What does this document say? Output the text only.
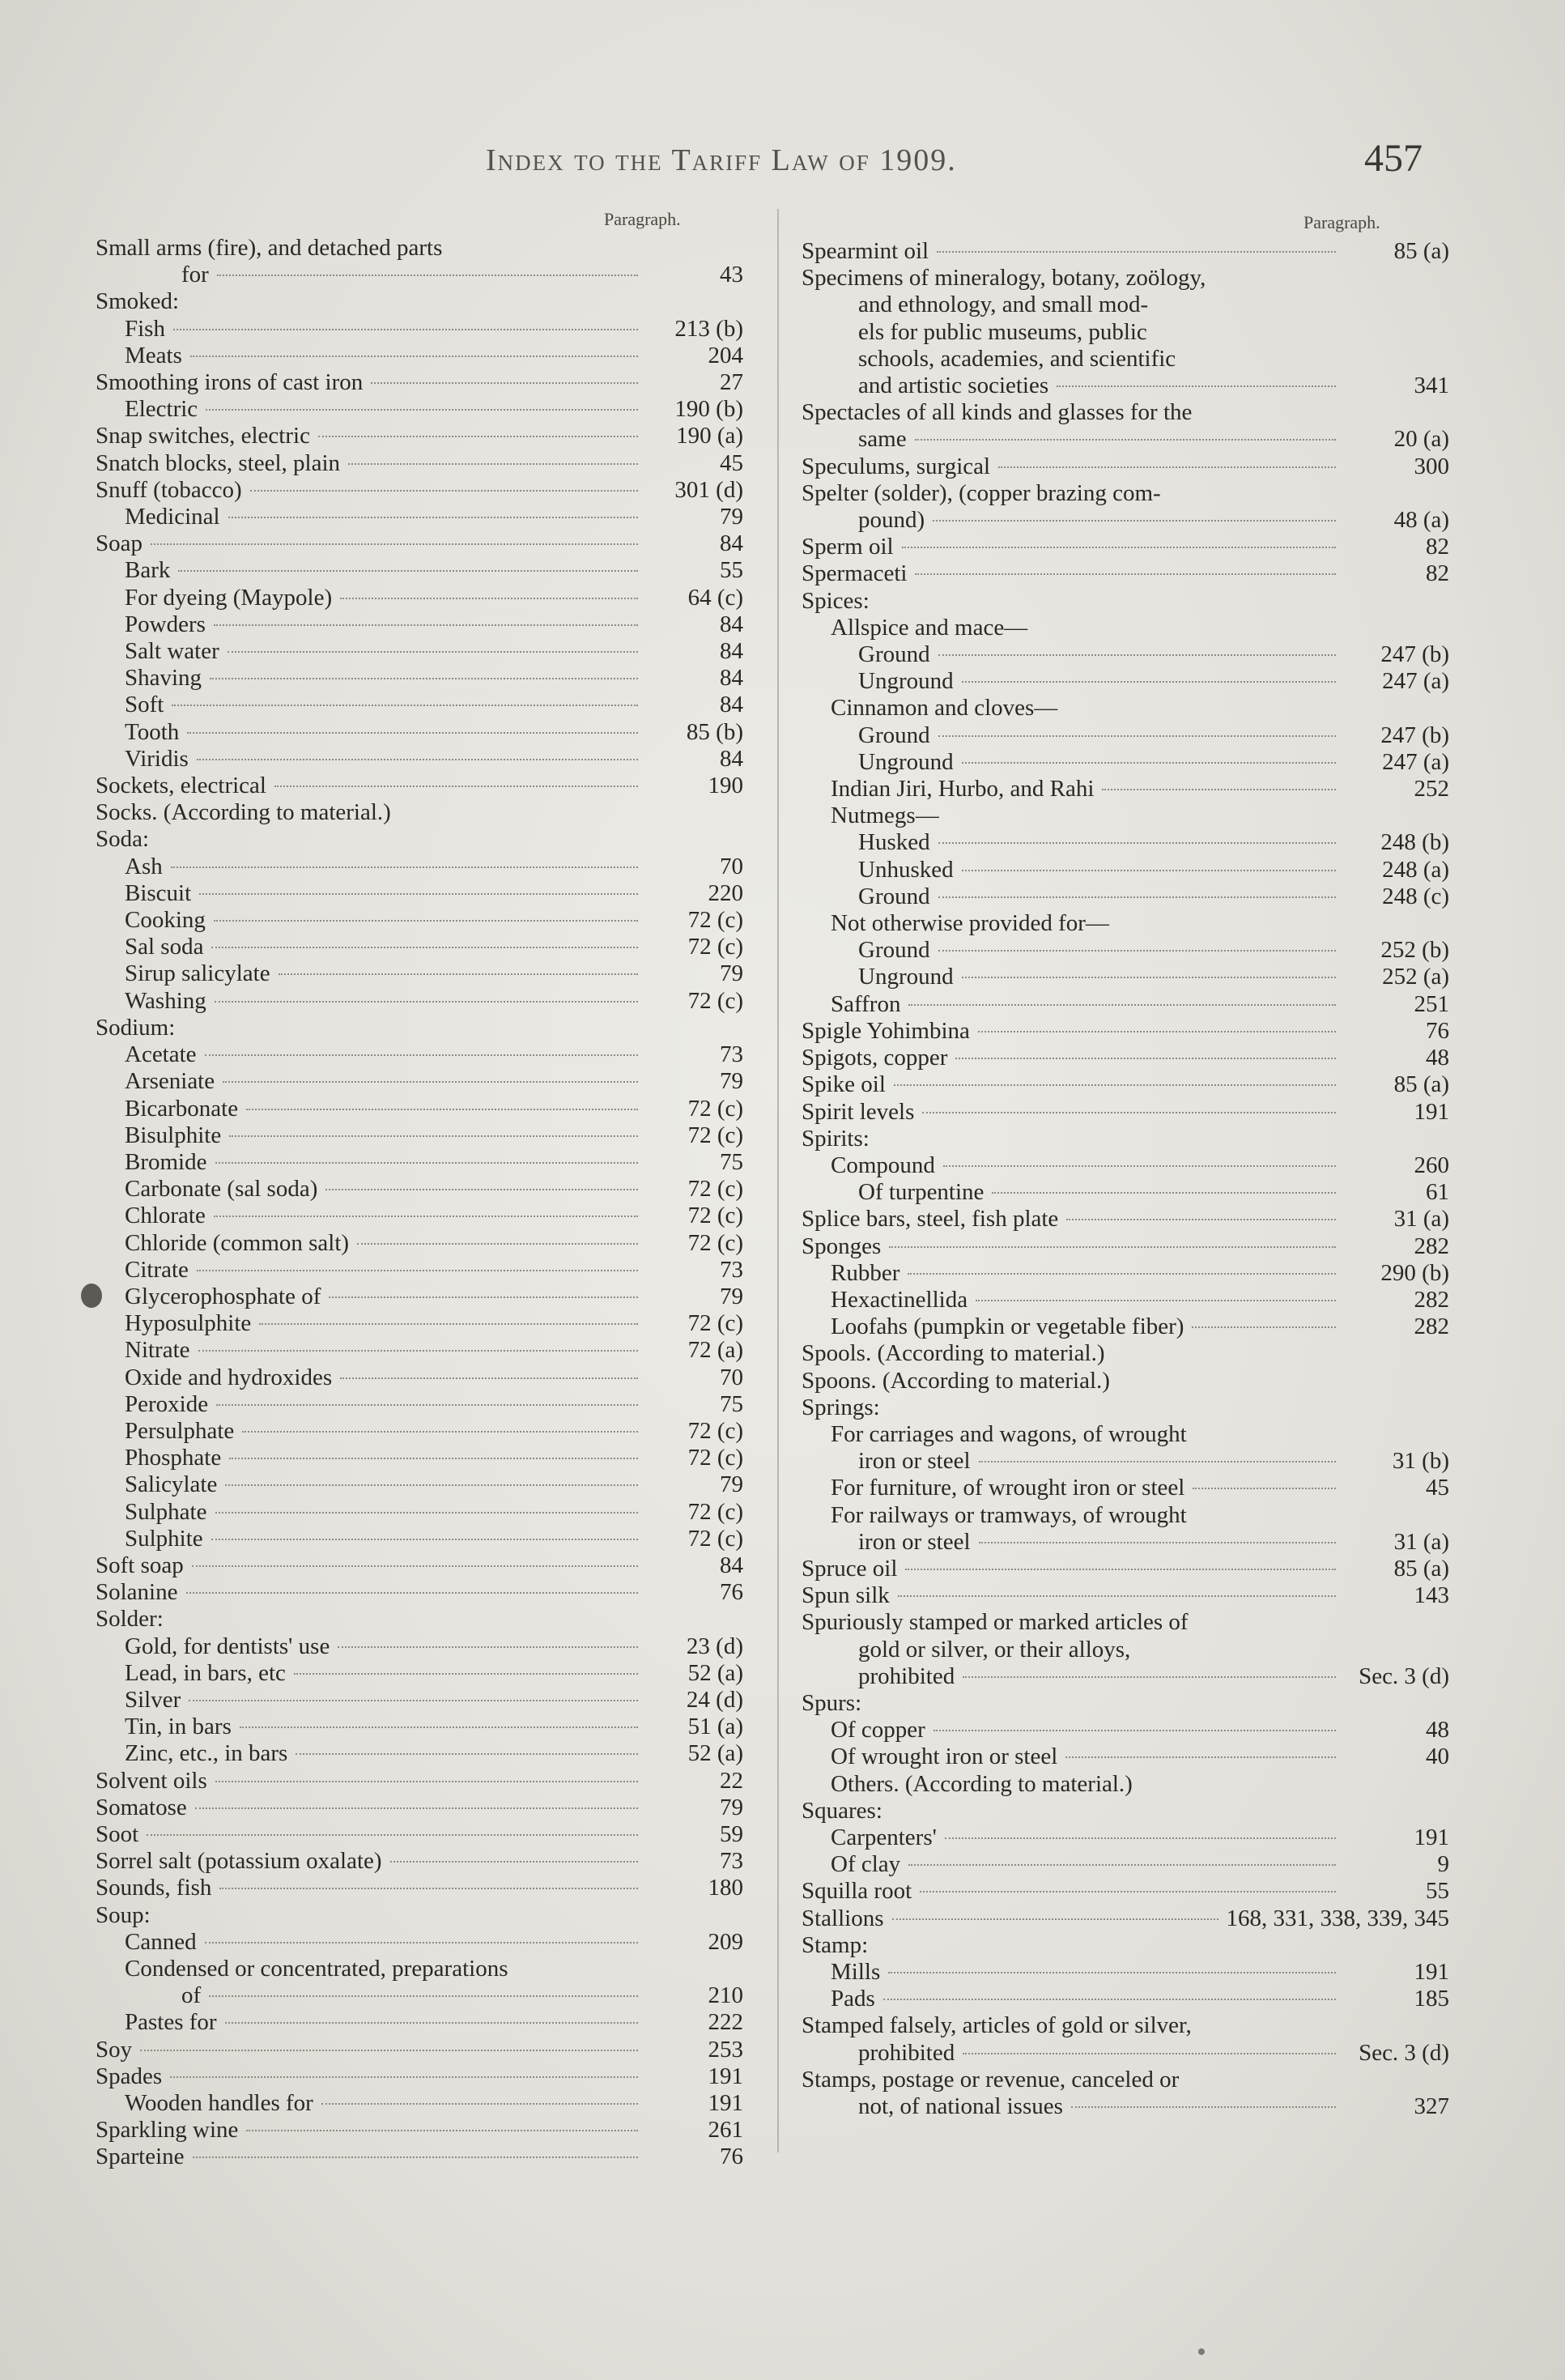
Index to the Tariff Law of 1909.	457
Paragraph.
Small arms (fire), and detached parts
for	43
Smoked:
Fish	213 (b)
Meats	204
Smoothing irons of cast iron	27
Electric	190 (b)
Snap switches, electric	190 (a)
Snatch blocks, steel, plain	45
Snuff (tobacco)	301 (d)
Medicinal	79
Soap	84
Bark	55
For dyeing (Maypole)	64 (c)
Powders	84
Salt water	84
Shaving	84
Soft	84
Tooth	85 (b)
Viridis	84
Sockets, electrical	190
Socks. (According to material.)
Soda:
Ash	70
Biscuit	220
Cooking	72 (c)
Sal soda	72 (c)
Sirup salicylate	79
Washing	72 (c)
Sodium:
Acetate	73
Arseniate	79
Bicarbonate	72 (c)
Bisulphite	72 (c)
Bromide	75
Carbonate (sal soda)	72 (c)
Chlorate	72 (c)
Chloride (common salt)	72 (c)
Citrate	73
Glycerophosphate of	79
Hyposulphite	72 (c)
Nitrate	72 (a)
Oxide and hydroxides	70
Peroxide	75
Persulphate	72 (c)
Phosphate	72 (c)
Salicylate	79
Sulphate	72 (c)
Sulphite	72 (c)
Soft soap	84
Solanine	76
Solder:
Gold, for dentists' use	23 (d)
Lead, in bars, etc	52 (a)
Silver	24 (d)
Tin, in bars	51 (a)
Zinc, etc., in bars	52 (a)
Solvent oils	22
Somatose	79
Soot	59
Sorrel salt (potassium oxalate)	73
Sounds, fish	180
Soup:
Canned	209
Condensed or concentrated, preparations
of	210
Pastes for	222
Soy	253
Spades	191
Wooden handles for	191
Sparkling wine	261
Sparteine	76
Paragraph.
Spearmint oil	85 (a)
Specimens of mineralogy, botany, zoölogy,
and ethnology, and small mod-
els for public museums, public
schools, academies, and scientific
and artistic societies	341
Spectacles of all kinds and glasses for the
same	20 (a)
Speculums, surgical	300
Spelter (solder), (copper brazing com-
pound)	48 (a)
Sperm oil	82
Spermaceti	82
Spices:
Allspice and mace—
Ground	247 (b)
Unground	247 (a)
Cinnamon and cloves—
Ground	247 (b)
Unground	247 (a)
Indian Jiri, Hurbo, and Rahi	252
Nutmegs—
Husked	248 (b)
Unhusked	248 (a)
Ground	248 (c)
Not otherwise provided for—
Ground	252 (b)
Unground	252 (a)
Saffron	251
Spigle Yohimbina	76
Spigots, copper	48
Spike oil	85 (a)
Spirit levels	191
Spirits:
Compound	260
Of turpentine	61
Splice bars, steel, fish plate	31 (a)
Sponges	282
Rubber	290 (b)
Hexactinellida	282
Loofahs (pumpkin or vegetable fiber)	282
Spools. (According to material.)
Spoons. (According to material.)
Springs:
For carriages and wagons, of wrought
iron or steel	31 (b)
For furniture, of wrought iron or steel	45
For railways or tramways, of wrought
iron or steel	31 (a)
Spruce oil	85 (a)
Spun silk	143
Spuriously stamped or marked articles of
gold or silver, or their alloys,
prohibited	Sec. 3 (d)
Spurs:
Of copper	48
Of wrought iron or steel	40
Others. (According to material.)
Squares:
Carpenters'	191
Of clay	9
Squilla root	55
Stallions	168, 331, 338, 339, 345
Stamp:
Mills	191
Pads	185
Stamped falsely, articles of gold or silver,
prohibited	Sec. 3 (d)
Stamps, postage or revenue, canceled or
not, of national issues	327
